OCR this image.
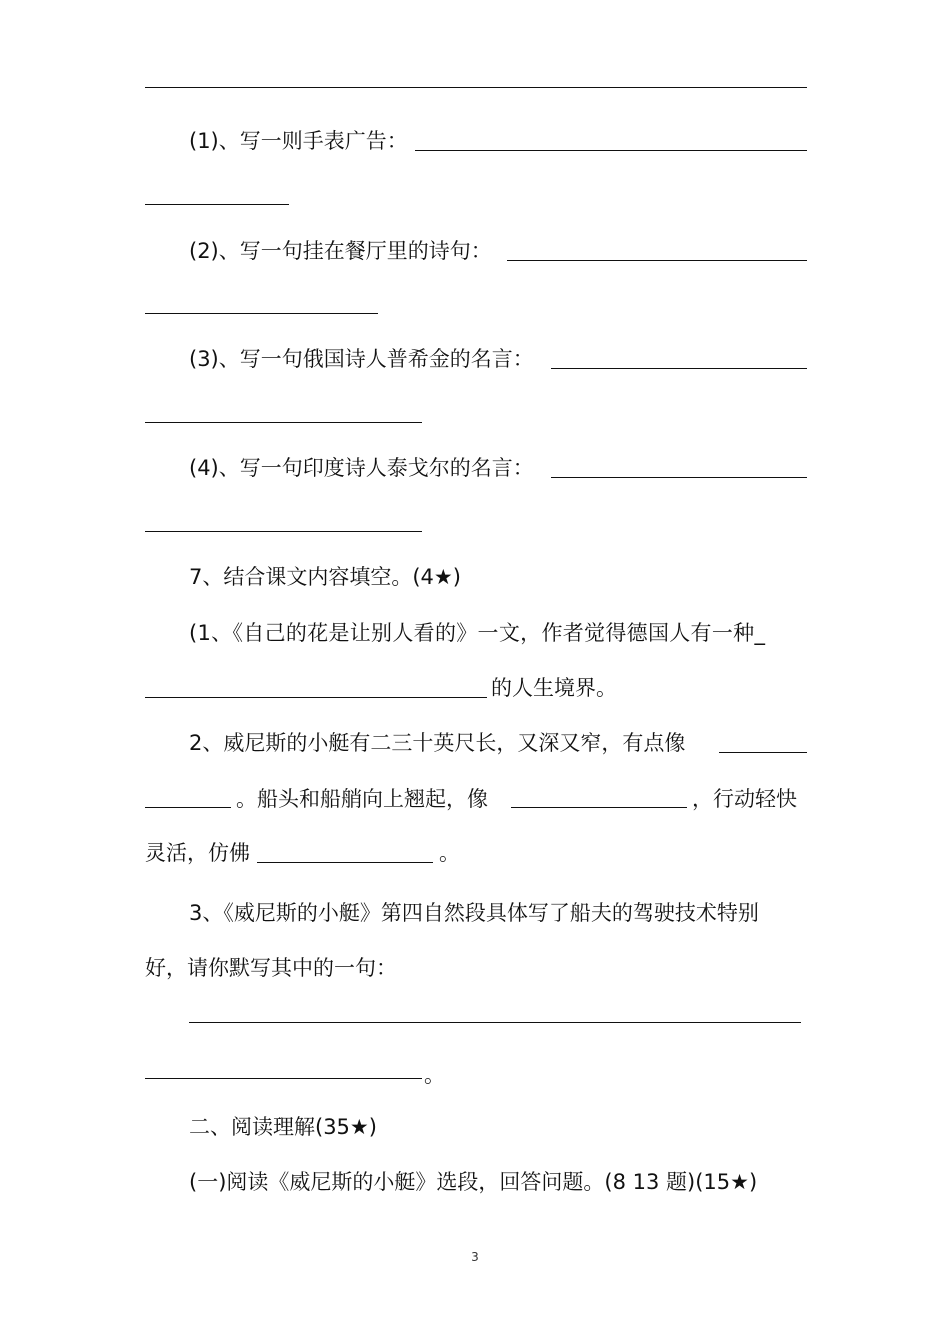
(1)、写一则手表广告：
(2)、写一句挂在餐厅里的诗句：
(3)、写一句俄国诗人普希金的名言：
(4)、写一句印度诗人泰戈尔的名言：
7、结合课文内容填空。(4★)
(1、《自己的花是让别人看的》一文，作者觉得德国人有一种_
的人生境界。
2、威尼斯的小艇有二三十英尺长，又深又窄，有点像
。船头和船艄向上翘起，像	，行动轻快
灵活，仿佛	。
3、《威尼斯的小艇》第四自然段具体写了船夫的驾驶技术特别
好，请你默写其中的一句：
。
二、阅读理解(35★)
(一)阅读《威尼斯的小艇》选段，回答问题。(8 13 题)(15★)
3
